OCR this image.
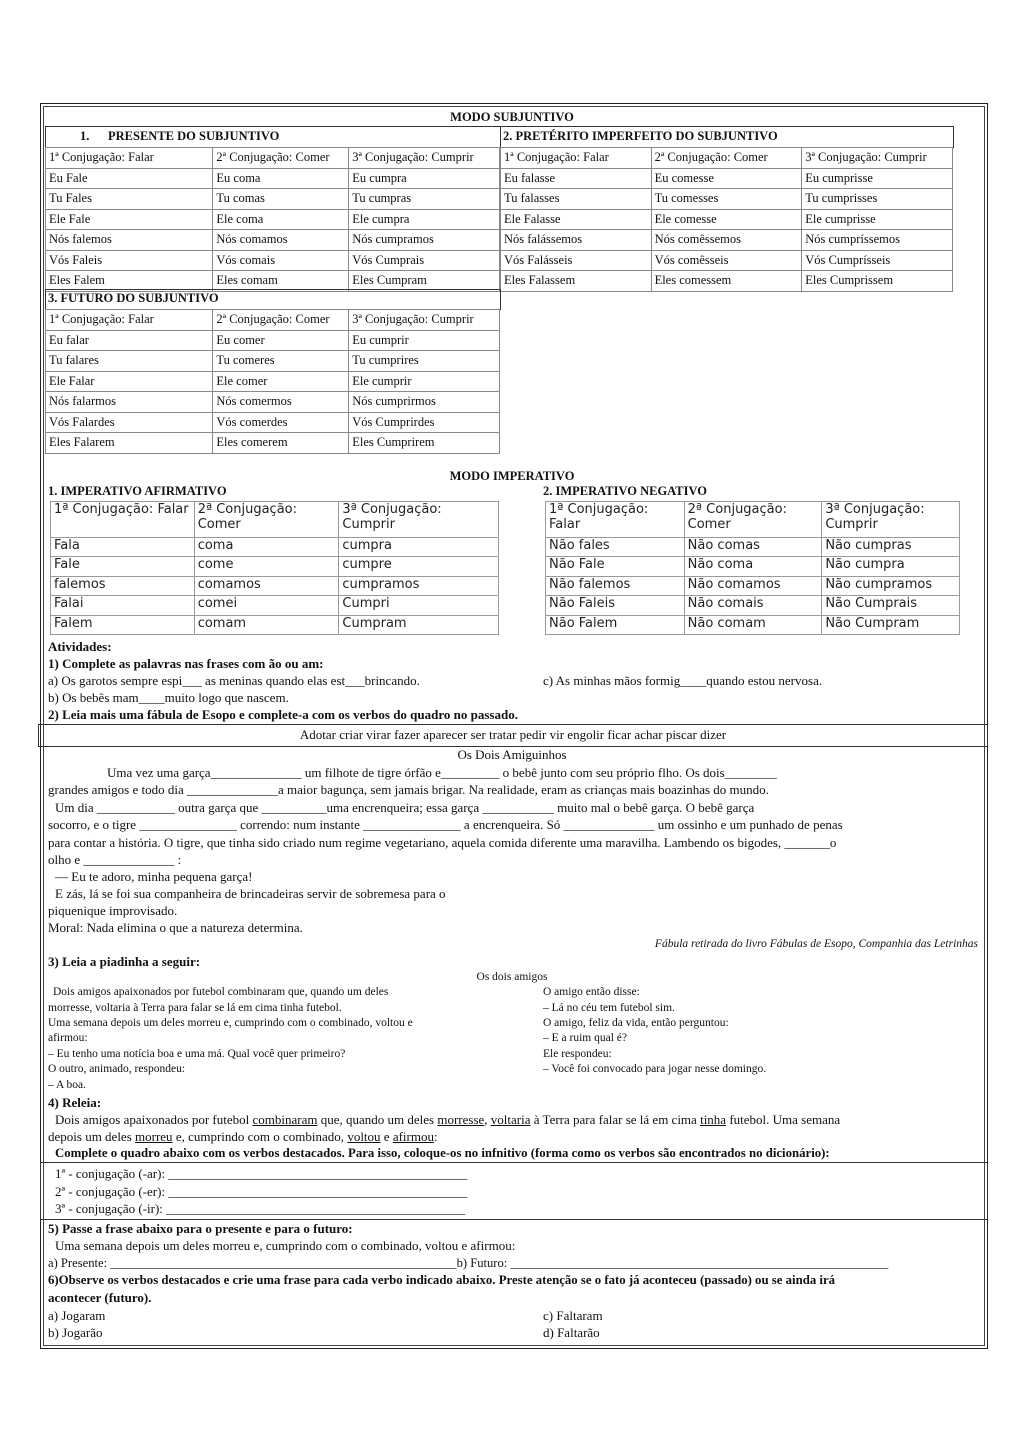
MODO SUBJUNTIVO
1. PRESENTE DO SUBJUNTIVO	2. PRETÉRITO IMPERFEITO DO SUBJUNTIVO
1ª Conjugação: Falar	2ª Conjugação: Comer	3ª Conjugação: Cumprir
Eu Fale	Eu coma	Eu cumpra
Tu Fales	Tu comas	Tu cumpras
Ele Fale	Ele coma	Ele cumpra
Nós falemos	Nós comamos	Nós cumpramos
Vós Faleis	Vós comais	Vós Cumprais
Eles Falem	Eles comam	Eles Cumpram
1ª Conjugação: Falar	2ª Conjugação: Comer	3ª Conjugação: Cumprir
Eu falasse	Eu comesse	Eu cumprisse
Tu falasses	Tu comesses	Tu cumprisses
Ele Falasse	Ele comesse	Ele cumprisse
Nós falássemos	Nós comêssemos	Nós cumpríssemos
Vós Falásseis	Vós comêsseis	Vós Cumprísseis
Eles Falassem	Eles comessem	Eles Cumprissem
3. FUTURO DO SUBJUNTIVO
1ª Conjugação: Falar	2ª Conjugação: Comer	3ª Conjugação: Cumprir
Eu falar	Eu comer	Eu cumprir
Tu falares	Tu comeres	Tu cumprires
Ele Falar	Ele comer	Ele cumprir
Nós falarmos	Nós comermos	Nós cumprirmos
Vós Falardes	Vós comerdes	Vós Cumprirdes
Eles Falarem	Eles comerem	Eles Cumprirem
MODO IMPERATIVO
1. IMPERATIVO AFIRMATIVO	2. IMPERATIVO NEGATIVO
1ª Conjugação: Falar	2ª Conjugação: Comer	3ª Conjugação: Cumprir
Fala	coma	cumpra
Fale	come	cumpre
falemos	comamos	cumpramos
Falai	comei	Cumpri
Falem	comam	Cumpram
1ª Conjugação: Falar	2ª Conjugação: Comer	3ª Conjugação: Cumprir
Não fales	Não comas	Não cumpras
Não Fale	Não coma	Não cumpra
Não falemos	Não comamos	Não cumpramos
Não Faleis	Não comais	Não Cumprais
Não Falem	Não comam	Não Cumpram
Atividades:
1) Complete as palavras nas frases com ão ou am:
a) Os garotos sempre espi___ as meninas quando elas est___brincando.	c) As minhas mãos formig____quando estou nervosa.
b) Os bebês mam____muito logo que nascem.
2) Leia mais uma fábula de Esopo e complete-a com os verbos do quadro no passado.
Adotar criar virar fazer aparecer ser tratar pedir vir engolir ficar achar piscar dizer
Os Dois Amiguinhos
Uma vez uma garça______________ um filhote de tigre órfão e_________ o bebê junto com seu próprio flho. Os dois________
grandes amigos e todo dia ______________a maior bagunça, sem jamais brigar. Na realidade, eram as crianças mais boazinhas do mundo.
Um dia ____________ outra garça que __________uma encrenqueira; essa garça ___________ muito mal o bebê garça. O bebê garça
socorro, e o tigre _______________ correndo: num instante _______________ a encrenqueira. Só ______________ um ossinho e um punhado de penas
para contar a história. O tigre, que tinha sido criado num regime vegetariano, aquela comida diferente uma maravilha. Lambendo os bigodes, _______o
olho e ______________ :
— Eu te adoro, minha pequena garça!
E zás, lá se foi sua companheira de brincadeiras servir de sobremesa para o
piquenique improvisado.
Moral: Nada elimina o que a natureza determina.
Fábula retirada do livro Fábulas de Esopo, Companhia das Letrinhas
3) Leia a piadinha a seguir:
Os dois amigos
Dois amigos apaixonados por futebol combinaram que, quando um deles
morresse, voltaria à Terra para falar se lá em cima tinha futebol.
Uma semana depois um deles morreu e, cumprindo com o combinado, voltou e
afirmou:
– Eu tenho uma notícia boa e uma má. Qual você quer primeiro?
O outro, animado, respondeu:
– A boa.
O amigo então disse:
– Lá no céu tem futebol sim.
O amigo, feliz da vida, então perguntou:
– E a ruim qual é?
Ele respondeu:
– Você foi convocado para jogar nesse domingo.
4) Releia:
Dois amigos apaixonados por futebol combinaram que, quando um deles morresse, voltaria à Terra para falar se lá em cima tinha futebol. Uma semana
depois um deles morreu e, cumprindo com o combinado, voltou e afirmou:
Complete o quadro abaixo com os verbos destacados. Para isso, coloque-os no infnitivo (forma como os verbos são encontrados no dicionário):
1ª - conjugação (-ar): ______________________________________________
2ª - conjugação (-er): ______________________________________________
3ª - conjugação (-ir): ______________________________________________
5) Passe a frase abaixo para o presente e para o futuro:
Uma semana depois um deles morreu e, cumprindo com o combinado, voltou e afirmou:
a) Presente: _______________________________________________________b) Futuro: ____________________________________________________________
6)Observe os verbos destacados e crie uma frase para cada verbo indicado abaixo. Preste atenção se o fato já aconteceu (passado) ou se ainda irá
acontecer (futuro).
a) Jogaram
b) Jogarão
c) Faltaram
d) Faltarão
